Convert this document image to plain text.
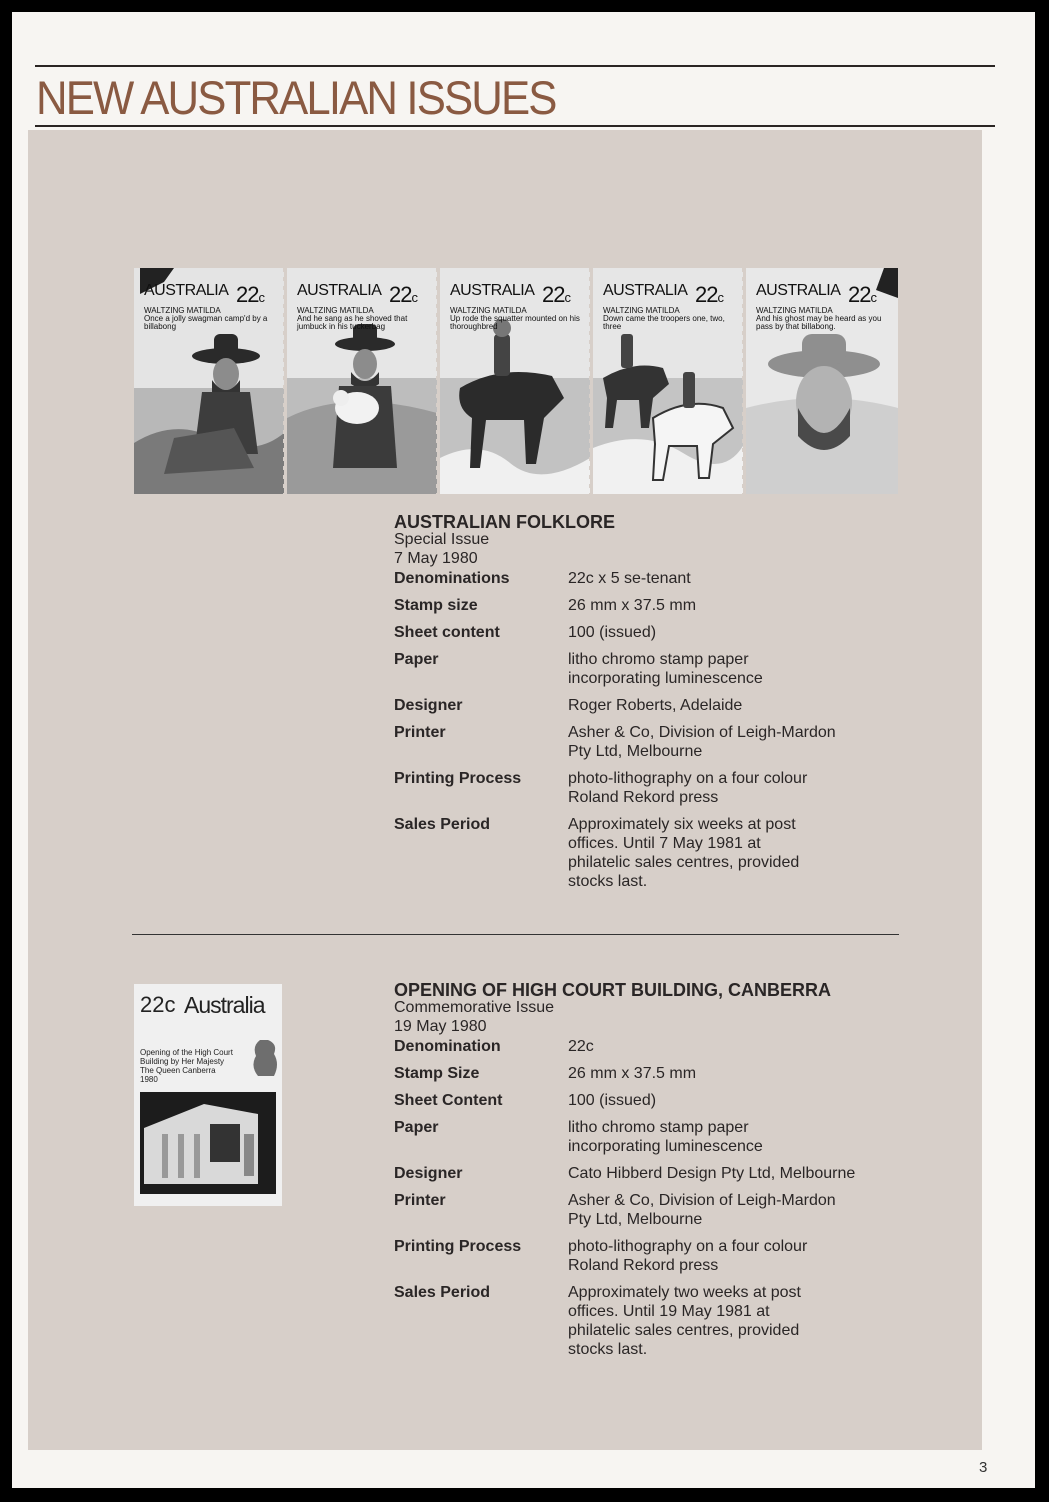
NEW AUSTRALIAN ISSUES
AUSTRALIA 22c
WALTZING MATILDA
Once a jolly swagman camp'd by a billabong
AUSTRALIA 22c
WALTZING MATILDA
And he sang as he shoved that jumbuck in his tuckerbag
AUSTRALIA 22c
WALTZING MATILDA
Up rode the squatter mounted on his thoroughbred
AUSTRALIA 22c
WALTZING MATILDA
Down came the troopers one, two, three
AUSTRALIA 22c
WALTZING MATILDA
And his ghost may be heard as you pass by that billabong.
AUSTRALIAN FOLKLORE
Special Issue
7 May 1980
Denominations	22c x 5 se-tenant
Stamp size	26 mm x 37.5 mm
Sheet content	100 (issued)
Paper	litho chromo stamp paper incorporating luminescence
Designer	Roger Roberts, Adelaide
Printer	Asher & Co, Division of Leigh-Mardon Pty Ltd, Melbourne
Printing Process	photo-lithography on a four colour Roland Rekord press
Sales Period	Approximately six weeks at post offices. Until 7 May 1981 at philatelic sales centres, provided stocks last.
22c Australia
Opening of the High Court Building by Her Majesty The Queen Canberra 1980
OPENING OF HIGH COURT BUILDING, CANBERRA
Commemorative Issue
19 May 1980
Denomination	22c
Stamp Size	26 mm x 37.5 mm
Sheet Content	100 (issued)
Paper	litho chromo stamp paper incorporating luminescence
Designer	Cato Hibberd Design Pty Ltd, Melbourne
Printer	Asher & Co, Division of Leigh-Mardon Pty Ltd, Melbourne
Printing Process	photo-lithography on a four colour Roland Rekord press
Sales Period	Approximately two weeks at post offices. Until 19 May 1981 at philatelic sales centres, provided stocks last.
3
